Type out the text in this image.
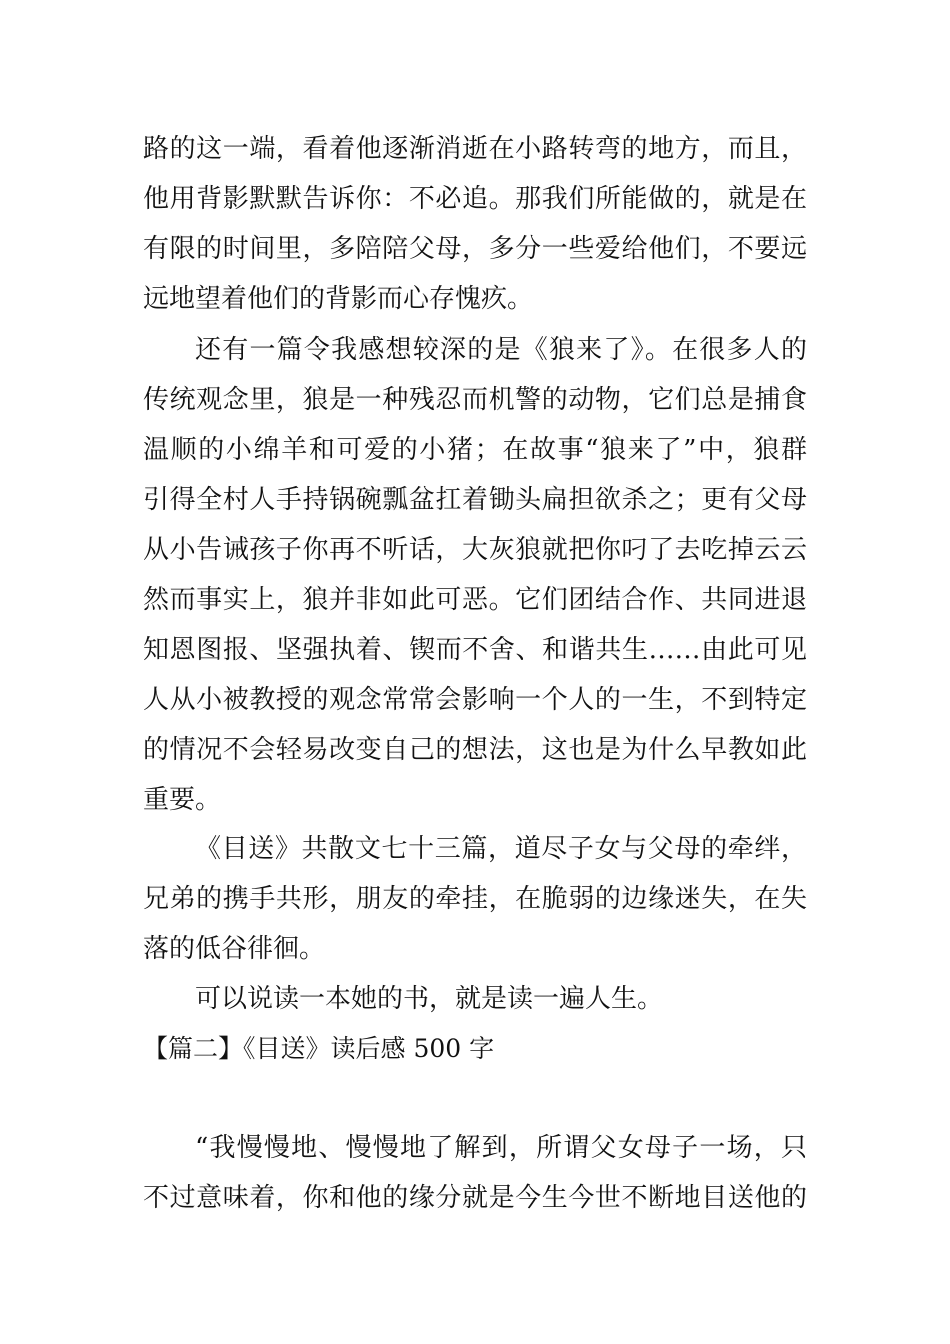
路的这一端，看着他逐渐消逝在小路转弯的地方，而且，
他用背影默默告诉你：不必追。那我们所能做的，就是在
有限的时间里，多陪陪父母，多分一些爱给他们，不要远
远地望着他们的背影而心存愧疚。
还有一篇令我感想较深的是《狼来了》。在很多人的
传统观念里，狼是一种残忍而机警的动物，它们总是捕食
温顺的小绵羊和可爱的小猪；在故事“狼来了”中，狼群
引得全村人手持锅碗瓢盆扛着锄头扁担欲杀之；更有父母
从小告诫孩子你再不听话，大灰狼就把你叼了去吃掉云云
然而事实上，狼并非如此可恶。它们团结合作、共同进退
知恩图报、坚强执着、锲而不舍、和谐共生……由此可见
人从小被教授的观念常常会影响一个人的一生，不到特定
的情况不会轻易改变自己的想法，这也是为什么早教如此
重要。
《目送》共散文七十三篇，道尽子女与父母的牵绊，
兄弟的携手共形，朋友的牵挂，在脆弱的边缘迷失，在失
落的低谷徘徊。
可以说读一本她的书，就是读一遍人生。
【篇二】《目送》读后感 500 字
“我慢慢地、慢慢地了解到，所谓父女母子一场，只
不过意味着，你和他的缘分就是今生今世不断地目送他的
